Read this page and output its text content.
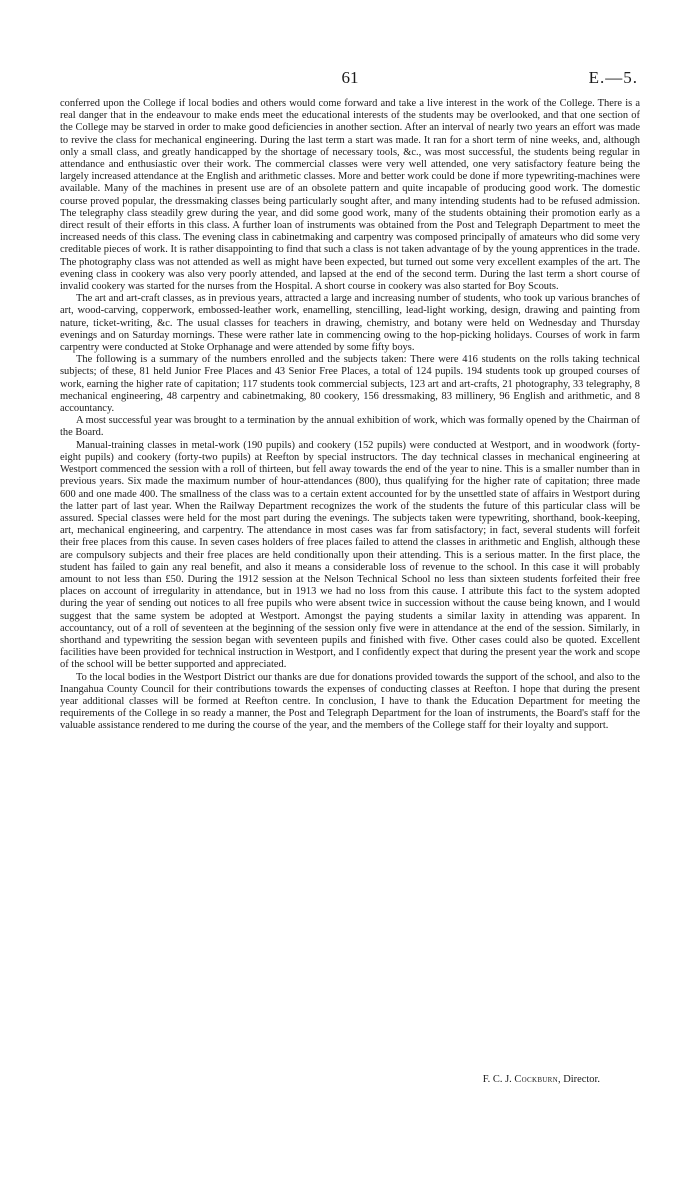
61	E.—5.

conferred upon the College if local bodies and others would come forward and take a live interest in the work of the College. There is a real danger that in the endeavour to make ends meet the educational interests of the students may be overlooked, and that one section of the College may be starved in order to make good deficiencies in another section. After an interval of nearly two years an effort was made to revive the class for mechanical engineering. During the last term a start was made. It ran for a short term of nine weeks, and, although only a small class, and greatly handicapped by the shortage of necessary tools, &c., was most successful, the students being regular in attendance and enthusiastic over their work. The commercial classes were very well attended, one very satisfactory feature being the largely increased attendance at the English and arithmetic classes. More and better work could be done if more typewriting-machines were available. Many of the machines in present use are of an obsolete pattern and quite incapable of producing good work. The domestic course proved popular, the dressmaking classes being particularly sought after, and many intending students had to be refused admission. The telegraphy class steadily grew during the year, and did some good work, many of the students obtaining their promotion early as a direct result of their efforts in this class. A further loan of instruments was obtained from the Post and Telegraph Department to meet the increased needs of this class. The evening class in cabinetmaking and carpentry was composed principally of amateurs who did some very creditable pieces of work. It is rather disappointing to find that such a class is not taken advantage of by the young apprentices in the trade. The photography class was not attended as well as might have been expected, but turned out some very excellent examples of the art. The evening class in cookery was also very poorly attended, and lapsed at the end of the second term. During the last term a short course of invalid cookery was started for the nurses from the Hospital. A short course in cookery was also started for Boy Scouts.

The art and art-craft classes, as in previous years, attracted a large and increasing number of students, who took up various branches of art, wood-carving, copperwork, embossed-leather work, enamelling, stencilling, lead-light working, design, drawing and painting from nature, ticket-writing, &c. The usual classes for teachers in drawing, chemistry, and botany were held on Wednesday and Thursday evenings and on Saturday mornings. These were rather late in commencing owing to the hop-picking holidays. Courses of work in farm carpentry were conducted at Stoke Orphanage and were attended by some fifty boys.

The following is a summary of the numbers enrolled and the subjects taken: There were 416 students on the rolls taking technical subjects; of these, 81 held Junior Free Places and 43 Senior Free Places, a total of 124 pupils. 194 students took up grouped courses of work, earning the higher rate of capitation; 117 students took commercial subjects, 123 art and art-crafts, 21 photography, 33 telegraphy, 8 mechanical engineering, 48 carpentry and cabinetmaking, 80 cookery, 156 dressmaking, 83 millinery, 96 English and arithmetic, and 8 accountancy.

A most successful year was brought to a termination by the annual exhibition of work, which was formally opened by the Chairman of the Board.

Manual-training classes in metal-work (190 pupils) and cookery (152 pupils) were conducted at Westport, and in woodwork (forty-eight pupils) and cookery (forty-two pupils) at Reefton by special instructors. The day technical classes in mechanical engineering at Westport commenced the session with a roll of thirteen, but fell away towards the end of the year to nine. This is a smaller number than in previous years. Six made the maximum number of hour-attendances (800), thus qualifying for the higher rate of capitation; three made 600 and one made 400. The smallness of the class was to a certain extent accounted for by the unsettled state of affairs in Westport during the latter part of last year. When the Railway Department recognizes the work of the students the future of this particular class will be assured. Special classes were held for the most part during the evenings. The subjects taken were typewriting, shorthand, book-keeping, art, mechanical engineering, and carpentry. The attendance in most cases was far from satisfactory; in fact, several students will forfeit their free places from this cause. In seven cases holders of free places failed to attend the classes in arithmetic and English, although these are compulsory subjects and their free places are held conditionally upon their attending. This is a serious matter. In the first place, the student has failed to gain any real benefit, and also it means a considerable loss of revenue to the school. In this case it will probably amount to not less than £50. During the 1912 session at the Nelson Technical School no less than sixteen students forfeited their free places on account of irregularity in attendance, but in 1913 we had no loss from this cause. I attribute this fact to the system adopted during the year of sending out notices to all free pupils who were absent twice in succession without the cause being known, and I would suggest that the same system be adopted at Westport. Amongst the paying students a similar laxity in attending was apparent. In accountancy, out of a roll of seventeen at the beginning of the session only five were in attendance at the end of the session. Similarly, in shorthand and typewriting the session began with seventeen pupils and finished with five. Other cases could also be quoted. Excellent facilities have been provided for technical instruction in Westport, and I confidently expect that during the present year the work and scope of the school will be better supported and appreciated.

To the local bodies in the Westport District our thanks are due for donations provided towards the support of the school, and also to the Inangahua County Council for their contributions towards the expenses of conducting classes at Reefton. I hope that during the present year additional classes will be formed at Reefton centre. In conclusion, I have to thank the Education Department for meeting the requirements of the College in so ready a manner, the Post and Telegraph Department for the loan of instruments, the Board's staff for the valuable assistance rendered to me during the course of the year, and the members of the College staff for their loyalty and support.

F. C. J. Cockburn, Director.
